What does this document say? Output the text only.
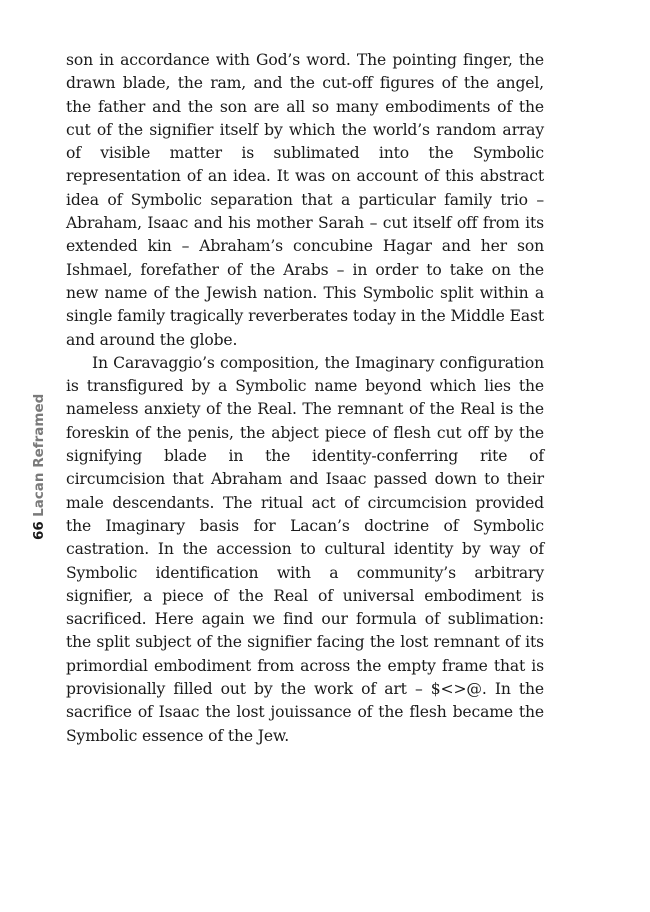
66 Lacan Reframed

son in accordance with God’s word. The pointing finger, the drawn blade, the ram, and the cut-off figures of the angel, the father and the son are all so many embodiments of the cut of the signifier itself by which the world’s random array of visible matter is sublimated into the Symbolic representation of an idea. It was on account of this abstract idea of Symbolic separation that a particular family trio – Abraham, Isaac and his mother Sarah – cut itself off from its extended kin – Abraham’s concubine Hagar and her son Ishmael, forefather of the Arabs – in order to take on the new name of the Jewish nation. This Symbolic split within a single family tragically reverberates today in the Middle East and around the globe.

In Caravaggio’s composition, the Imaginary configuration is transfigured by a Symbolic name beyond which lies the nameless anxiety of the Real. The remnant of the Real is the foreskin of the penis, the abject piece of flesh cut off by the signifying blade in the identity-conferring rite of circumcision that Abraham and Isaac passed down to their male descendants. The ritual act of circumcision provided the Imaginary basis for Lacan’s doctrine of Symbolic castration. In the accession to cultural identity by way of Symbolic identification with a community’s arbitrary signifier, a piece of the Real of universal embodiment is sacrificed. Here again we find our formula of sublimation: the split subject of the signifier facing the lost remnant of its primordial embodiment from across the empty frame that is provisionally filled out by the work of art – $<>@. In the sacrifice of Isaac the lost jouissance of the flesh became the Symbolic essence of the Jew.
